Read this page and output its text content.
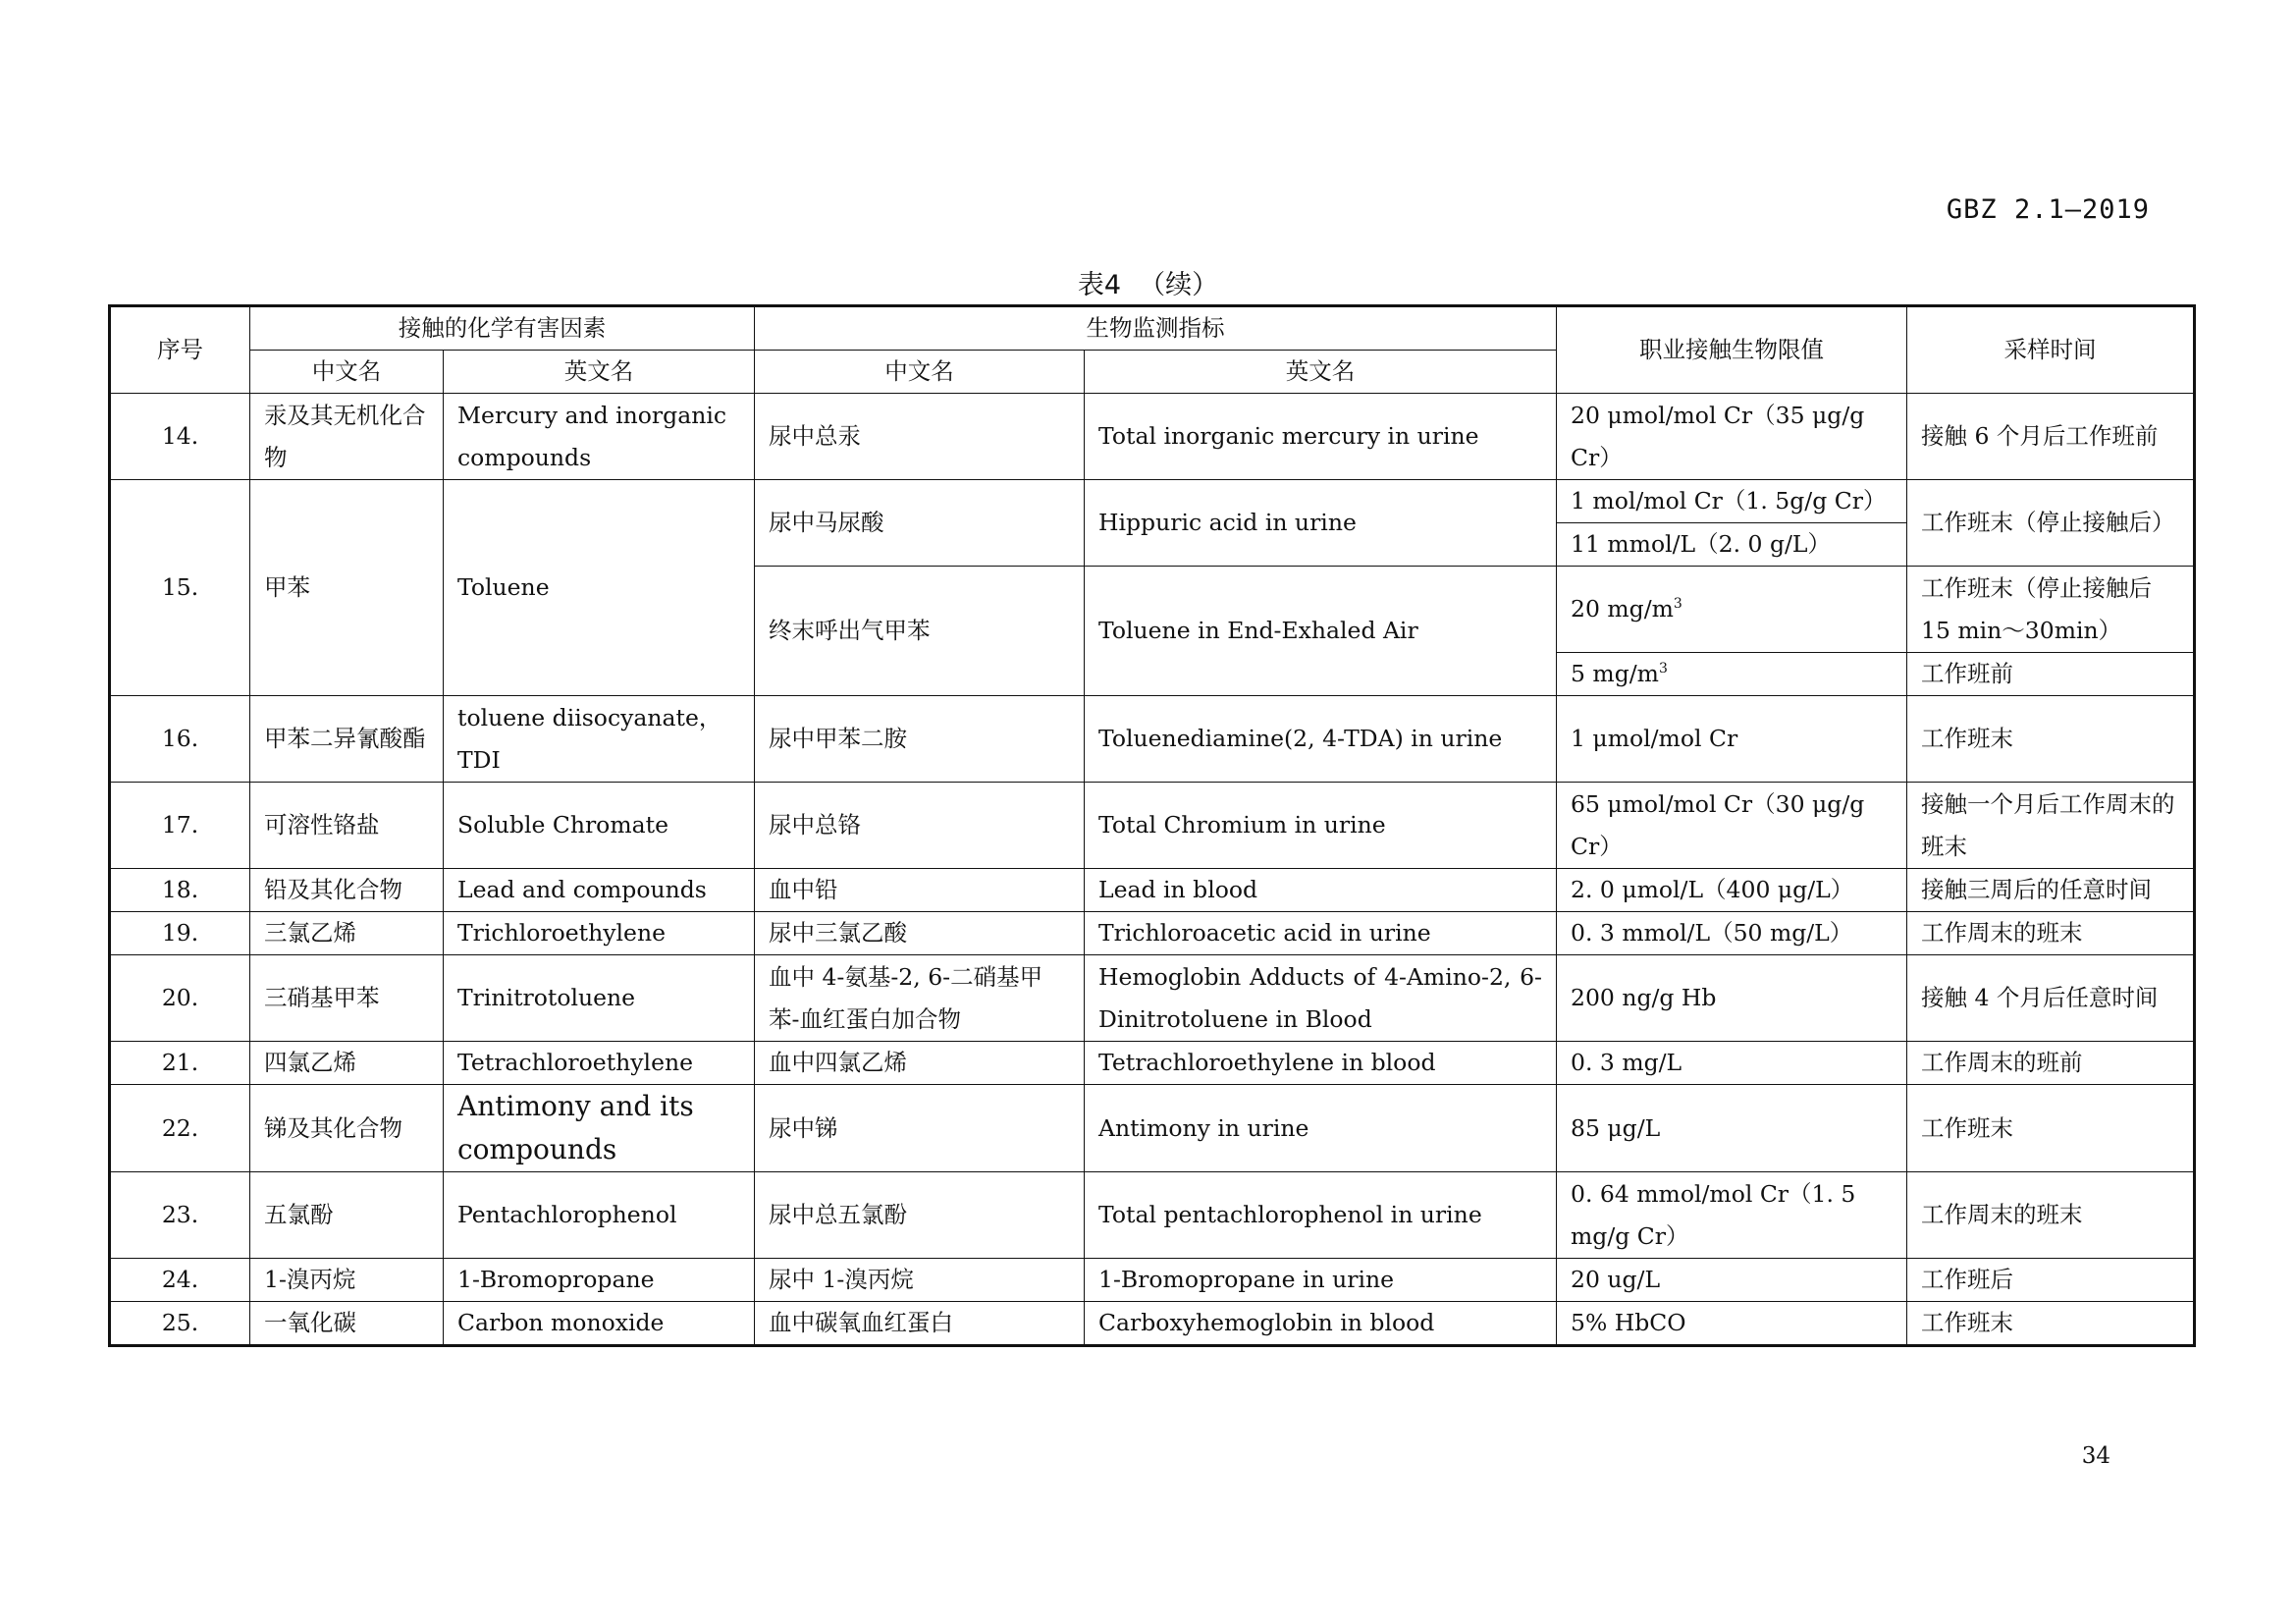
GBZ 2.1—2019
表4 （续）
序号	接触的化学有害因素		生物监测指标		职业接触生物限值	采样时间
	中文名	英文名	中文名	英文名		
14.	汞及其无机化合物	Mercury and inorganic compounds	尿中总汞	Total inorganic mercury in urine	20 μmol/mol Cr（35 μg/g Cr）	接触 6 个月后工作班前
15.	甲苯	Toluene	尿中马尿酸	Hippuric acid in urine	1 mol/mol Cr（1. 5g/g Cr）	工作班末（停止接触后）
					11 mmol/L（2. 0 g/L）	
			终末呼出气甲苯	Toluene in End-Exhaled Air	20 $mg/m^3$	工作班末（停止接触后 15 min～30min）
					5 $mg/m^3$	工作班前
16.	甲苯二异氰酸酯	toluene diisocyanate，TDI	尿中甲苯二胺	Toluenediamine(2, 4-TDA) in urine	1 μmol/mol Cr	工作班末
17.	可溶性铬盐	Soluble Chromate	尿中总铬	Total Chromium in urine	65 μmol/mol Cr（30 μg/g Cr）	接触一个月后工作周末的班末
18.	铅及其化合物	Lead and compounds	血中铅	Lead in blood	2. 0 μmol/L（400 μg/L）	接触三周后的任意时间
19.	三氯乙烯	Trichloroethylene	尿中三氯乙酸	Trichloroacetic acid in urine	0. 3 mmol/L（50 mg/L）	工作周末的班末
20.	三硝基甲苯	Trinitrotoluene	血中 4-氨基-2, 6-二硝基甲苯-血红蛋白加合物	Hemoglobin Adducts of 4-Amino-2, 6-Dinitrotoluene in Blood	200 ng/g Hb	接触 4 个月后任意时间
21.	四氯乙烯	Tetrachloroethylene	血中四氯乙烯	Tetrachloroethylene in blood	0. 3 mg/L	工作周末的班前
22.	锑及其化合物	Antimony and its compounds	尿中锑	Antimony in urine	85 μg/L	工作班末
23.	五氯酚	Pentachlorophenol	尿中总五氯酚	Total pentachlorophenol in urine	0. 64 mmol/mol Cr（1. 5 mg/g Cr）	工作周末的班末
24.	1-溴丙烷	1-Bromopropane	尿中 1-溴丙烷	1-Bromopropane in urine	20 ug/L	工作班后
25.	一氧化碳	Carbon monoxide	血中碳氧血红蛋白	Carboxyhemoglobin in blood	5% HbCO	工作班末
34
